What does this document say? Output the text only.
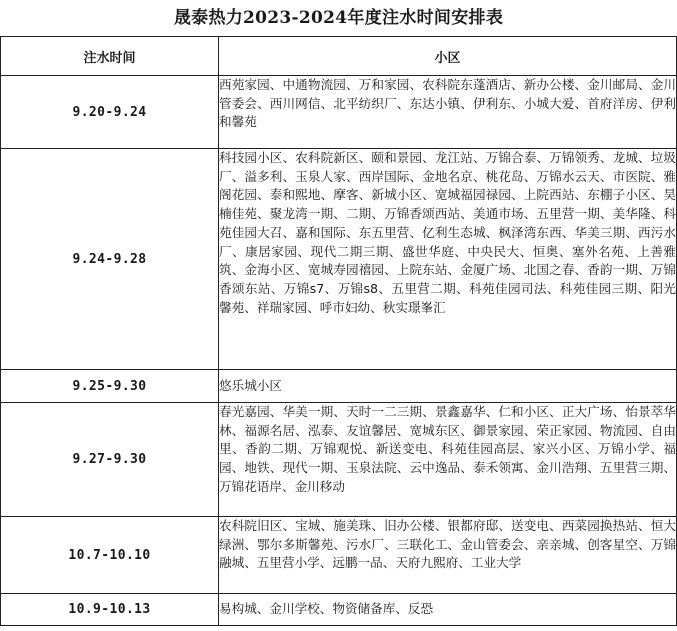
晟泰热力2023-2024年度注水时间安排表
注水时间	小区
9.20-9.24	西苑家园、中通物流园、万和家园、农科院东蓬酒店、新办公楼、金川邮局、金川管委会、西川网信、北平纺织厂、东达小镇、伊利东、小城大爱、首府洋房、伊利和馨苑
9.24-9.28	科技园小区、农科院新区、颐和景园、龙江站、万锦合泰、万锦领秀、龙城、垃圾厂、溢多利、玉泉人家、西岸国际、金地名京、桃花岛、万锦水云天、市医院、雅阁花园、泰和熙地、摩客、新城小区、宽城福园禄园、上院西站、东棚子小区、昊楠佳苑、聚龙湾一期、二期、万锦香颂西站、美通市场、五里营一期、美华隆、科苑佳园大召、嘉和国际、东五里营、亿利生态城、枫泽湾东西、华美三期、西污水厂、康居家园、现代二期三期、盛世华庭、中央民大、恒奥、塞外名苑、上善雅筑、金海小区、宽城寿园禧园、上院东站、金厦广场、北国之春、香韵一期、万锦香颂东站、万锦s7、万锦s8、五里营二期、科苑佳园司法、科苑佳园三期、阳光馨苑、祥瑞家园、呼市妇幼、秋实璟峯汇
9.25-9.30	悠乐城小区
9.27-9.30	春光嘉园、华美一期、天时一二三期、景鑫嘉华、仁和小区、正大广场、怡景萃华林、福源名居、泓泰、友谊馨居、宽城东区、御景家园、荣正家园、物流园、自由里、香韵二期、万锦观悦、新送变电、科苑佳园高层、家兴小区、万锦小学、福园、地铁、现代一期、玉泉法院、云中逸品、泰禾领寓、金川浩翔、五里营三期、万锦花语岸、金川移动
10.7-10.10	农科院旧区、宝城、施美珠、旧办公楼、银都府邸、送变电、西菜园换热站、恒大绿洲、鄂尔多斯馨苑、污水厂、三联化工、金山管委会、亲亲城、创客星空、万锦融城、五里营小学、远鹏一品、天府九熙府、工业大学
10.9-10.13	易构城、金川学校、物资储备库、反恐
